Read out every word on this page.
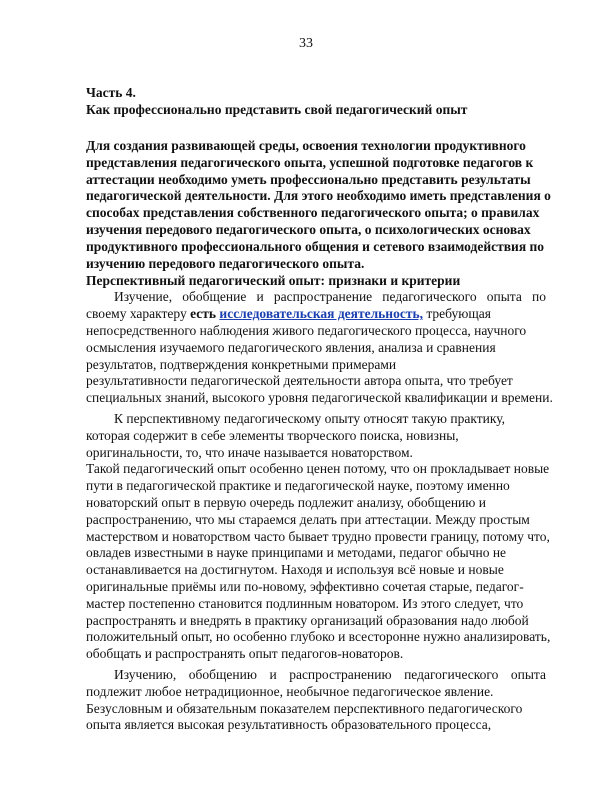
33
Часть 4.
Как профессионально представить свой педагогический опыт
Для создания развивающей среды, освоения технологии продуктивного
представления педагогического опыта, успешной подготовке педагогов к
аттестации необходимо уметь профессионально представить результаты
педагогической деятельности. Для этого необходимо иметь представления о
способах представления собственного педагогического опыта; о правилах
изучения передового педагогического опыта, о психологических основах
продуктивного профессионального общения и сетевого взаимодействия по
изучению передового педагогического опыта.
Перспективный педагогический опыт: признаки и критерии
Изучение, обобщение и распространение педагогического опыта по
своему характеру есть исследовательская деятельность, требующая
непосредственного наблюдения живого педагогического процесса, научного
осмысления изучаемого педагогического явления, анализа и сравнения
результатов, подтверждения конкретными примерами
результативности педагогической деятельности автора опыта, что требует
специальных знаний, высокого уровня педагогической квалификации и времени.
К перспективному педагогическому опыту относят такую практику,
которая содержит в себе элементы творческого поиска, новизны,
оригинальности, то, что иначе называется новаторством.
Такой педагогический опыт особенно ценен потому, что он прокладывает новые
пути в педагогической практике и педагогической науке, поэтому именно
новаторский опыт в первую очередь подлежит анализу, обобщению и
распространению, что мы стараемся делать при аттестации. Между простым
мастерством и новаторством часто бывает трудно провести границу, потому что,
овладев известными в науке принципами и методами, педагог обычно не
останавливается на достигнутом. Находя и используя всё новые и новые
оригинальные приёмы или по-новому, эффективно сочетая старые, педагог-
мастер постепенно становится подлинным новатором. Из этого следует, что
распространять и внедрять в практику организаций образования надо любой
положительный опыт, но особенно глубоко и всесторонне нужно анализировать,
обобщать и распространять опыт педагогов-новаторов.
Изучению, обобщению и распространению педагогического опыта
подлежит любое нетрадиционное, необычное педагогическое явление.
Безусловным и обязательным показателем перспективного педагогического
опыта является высокая результативность образовательного процесса,
